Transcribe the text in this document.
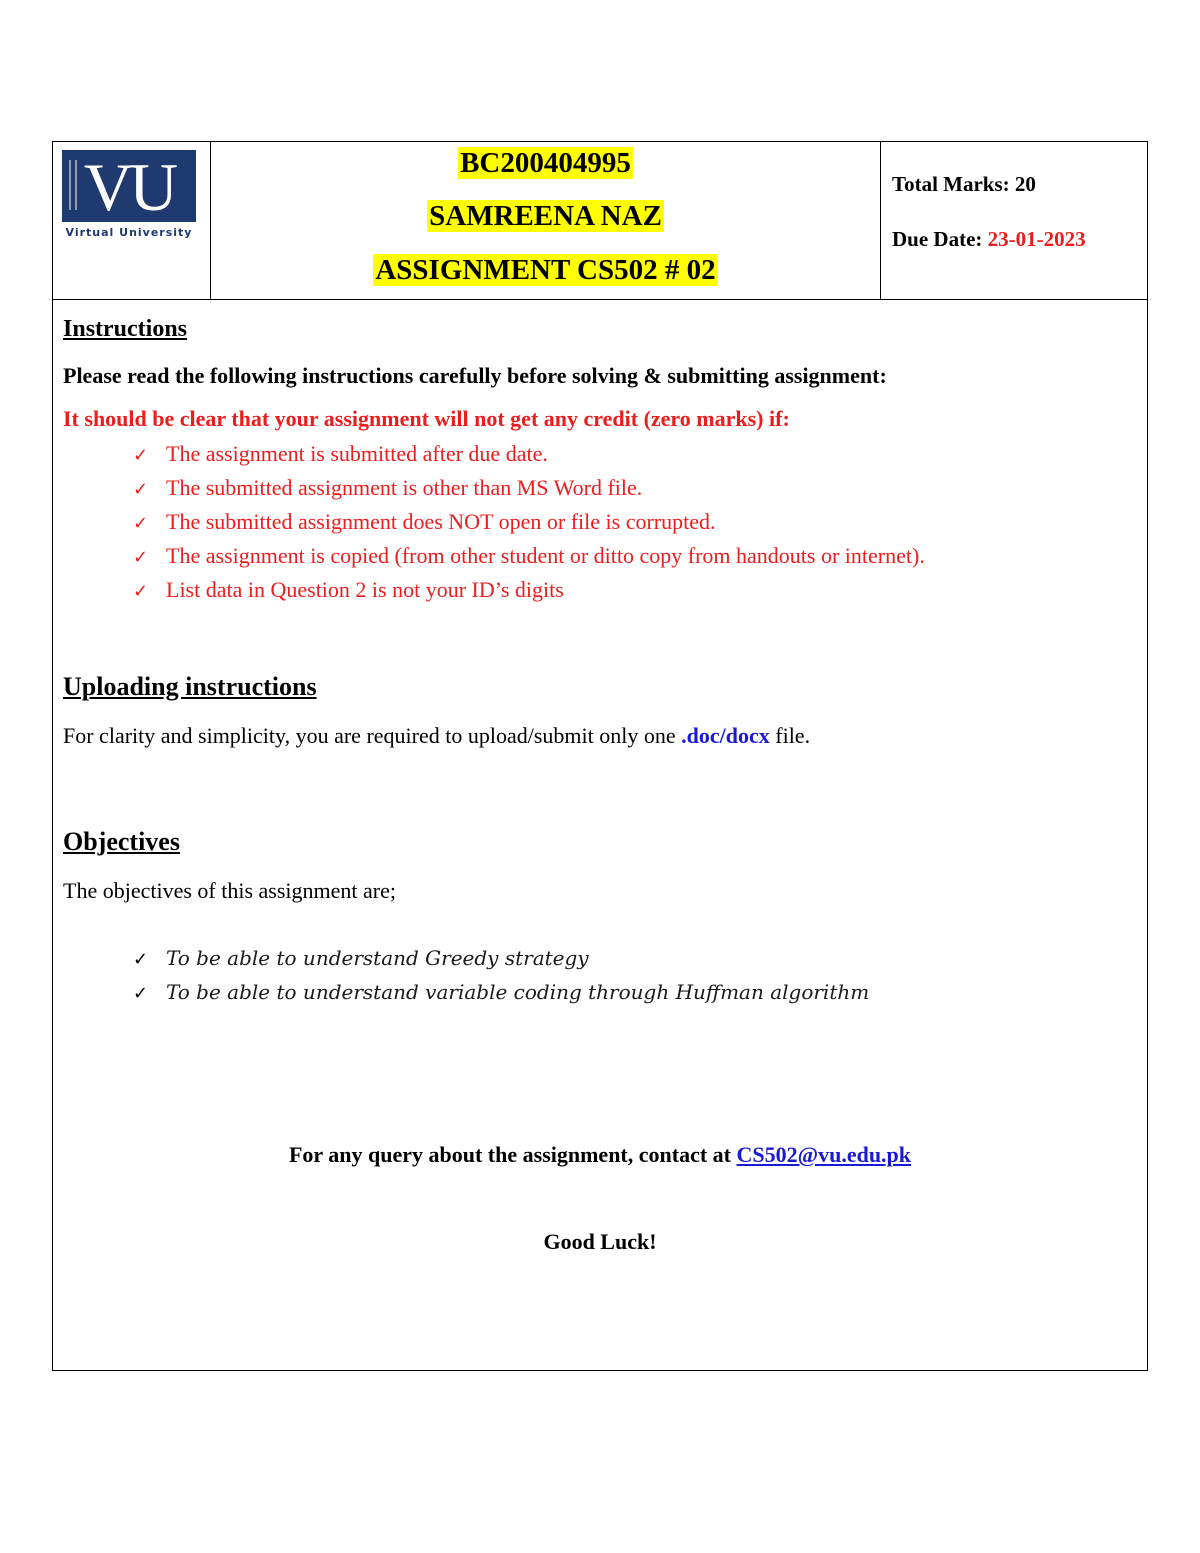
VU
Virtual University
BC200404995
SAMREENA NAZ
ASSIGNMENT CS502 # 02
Total Marks: 20
Due Date: 23-01-2023
Instructions
Please read the following instructions carefully before solving & submitting assignment:
It should be clear that your assignment will not get any credit (zero marks) if:
✓ The assignment is submitted after due date.
✓ The submitted assignment is other than MS Word file.
✓ The submitted assignment does NOT open or file is corrupted.
✓ The assignment is copied (from other student or ditto copy from handouts or internet).
✓ List data in Question 2 is not your ID’s digits
Uploading instructions
For clarity and simplicity, you are required to upload/submit only one .doc/docx file.
Objectives
The objectives of this assignment are;
✓ To be able to understand Greedy strategy
✓ To be able to understand variable coding through Huffman algorithm
For any query about the assignment, contact at CS502@vu.edu.pk
Good Luck!
